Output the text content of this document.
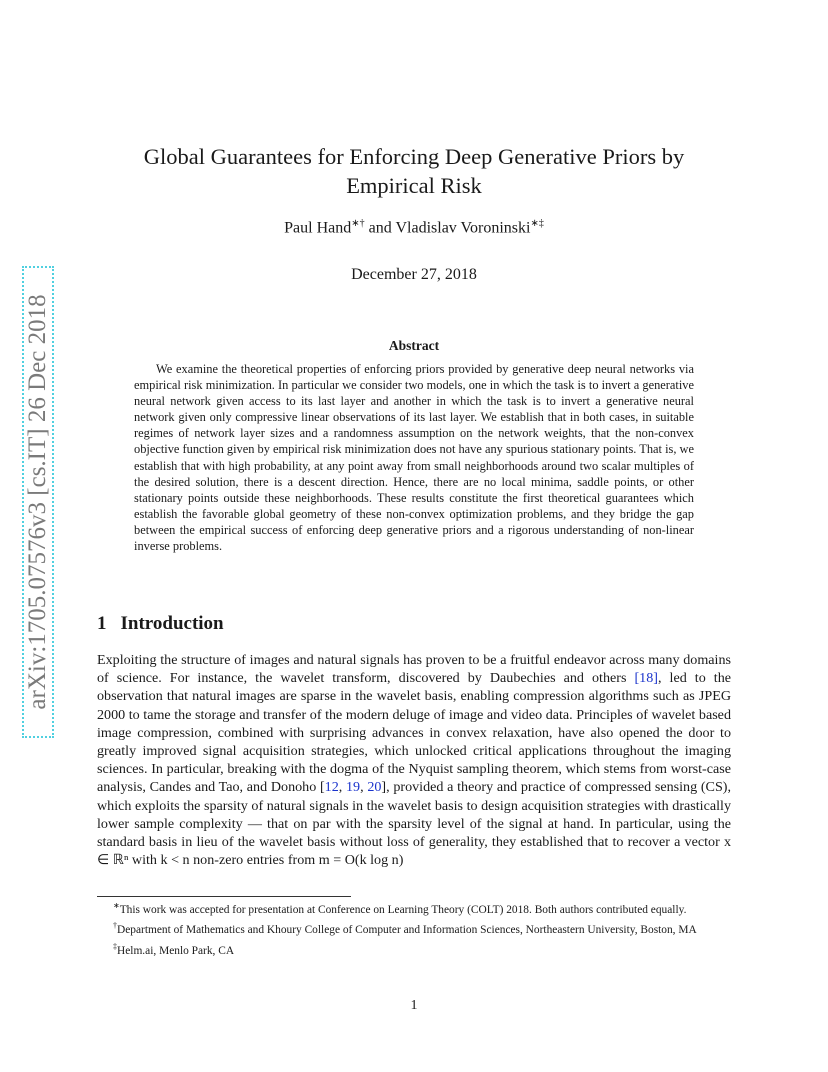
arXiv:1705.07576v3 [cs.IT] 26 Dec 2018
Global Guarantees for Enforcing Deep Generative Priors by
Empirical Risk
Paul Hand∗† and Vladislav Voroninski∗‡
December 27, 2018
Abstract

We examine the theoretical properties of enforcing priors provided by generative deep neural networks via empirical risk minimization. In particular we consider two models, one in which the task is to invert a generative neural network given access to its last layer and another in which the task is to invert a generative neural network given only compressive linear observations of its last layer. We establish that in both cases, in suitable regimes of network layer sizes and a randomness assumption on the network weights, that the non-convex objective function given by empirical risk minimization does not have any spurious stationary points. That is, we establish that with high probability, at any point away from small neighborhoods around two scalar multiples of the desired solution, there is a descent direction. Hence, there are no local minima, saddle points, or other stationary points outside these neighborhoods. These results constitute the first theoretical guarantees which establish the favorable global geometry of these non-convex optimization problems, and they bridge the gap between the empirical success of enforcing deep generative priors and a rigorous understanding of non-linear inverse problems.

1 Introduction

Exploiting the structure of images and natural signals has proven to be a fruitful endeavor across many domains of science. For instance, the wavelet transform, discovered by Daubechies and others [18], led to the observation that natural images are sparse in the wavelet basis, enabling compression algorithms such as JPEG 2000 to tame the storage and transfer of the modern deluge of image and video data. Principles of wavelet based image compression, combined with surprising advances in convex relaxation, have also opened the door to greatly improved signal acquisition strategies, which unlocked critical applications throughout the imaging sciences. In particular, breaking with the dogma of the Nyquist sampling theorem, which stems from worst-case analysis, Candes and Tao, and Donoho [12, 19, 20], provided a theory and practice of compressed sensing (CS), which exploits the sparsity of natural signals in the wavelet basis to design acquisition strategies with drastically lower sample complexity — that on par with the sparsity level of the signal at hand. In particular, using the standard basis in lieu of the wavelet basis without loss of generality, they established that to recover a vector x ∈ ℝⁿ with k < n non-zero entries from m = O(k log n)

∗This work was accepted for presentation at Conference on Learning Theory (COLT) 2018. Both authors contributed equally.

†Department of Mathematics and Khoury College of Computer and Information Sciences, Northeastern University, Boston, MA

‡Helm.ai, Menlo Park, CA

1
